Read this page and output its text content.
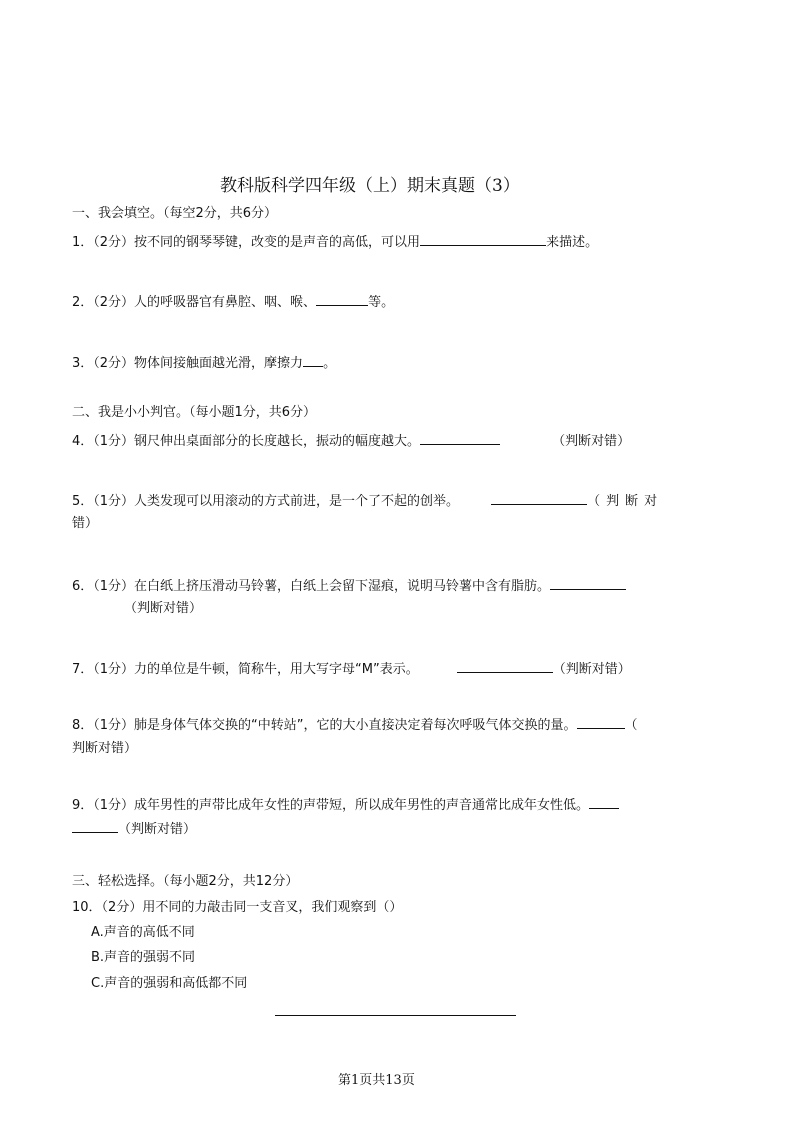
教科版科学四年级（上）期末真题（3）
一、我会填空。（每空2分，共6分）
1．（2分）按不同的钢琴琴键，改变的是声音的高低，可以用	来描述。
2．（2分）人的呼吸器官有鼻腔、咽、喉、	等。
3．（2分）物体间接触面越光滑，摩擦力 。
二、我是小小判官。（每小题1分，共6分）
4．（1分）钢尺伸出桌面部分的长度越长，振动的幅度越大。	（判断对错）
5．（1分）人类发现可以用滚动的方式前进，是一个了不起的创举。	（判断对
错）
6．（1分）在白纸上挤压滑动马铃薯，白纸上会留下湿痕，说明马铃薯中含有脂肪。
（判断对错）
7．（1分）力的单位是牛顿，简称牛，用大写字母“M”表示。	（判断对错）
8．（1分）肺是身体气体交换的“中转站”，它的大小直接决定着每次呼吸气体交换的量。	（
判断对错）
9．（1分）成年男性的声带比成年女性的声带短，所以成年男性的声音通常比成年女性低。
（判断对错）
三、轻松选择。（每小题2分，共12分）
10．（2分）用不同的力敲击同一支音叉，我们观察到（）
A.声音的高低不同
B.声音的强弱不同
C.声音的强弱和高低都不同
第1页共13页
